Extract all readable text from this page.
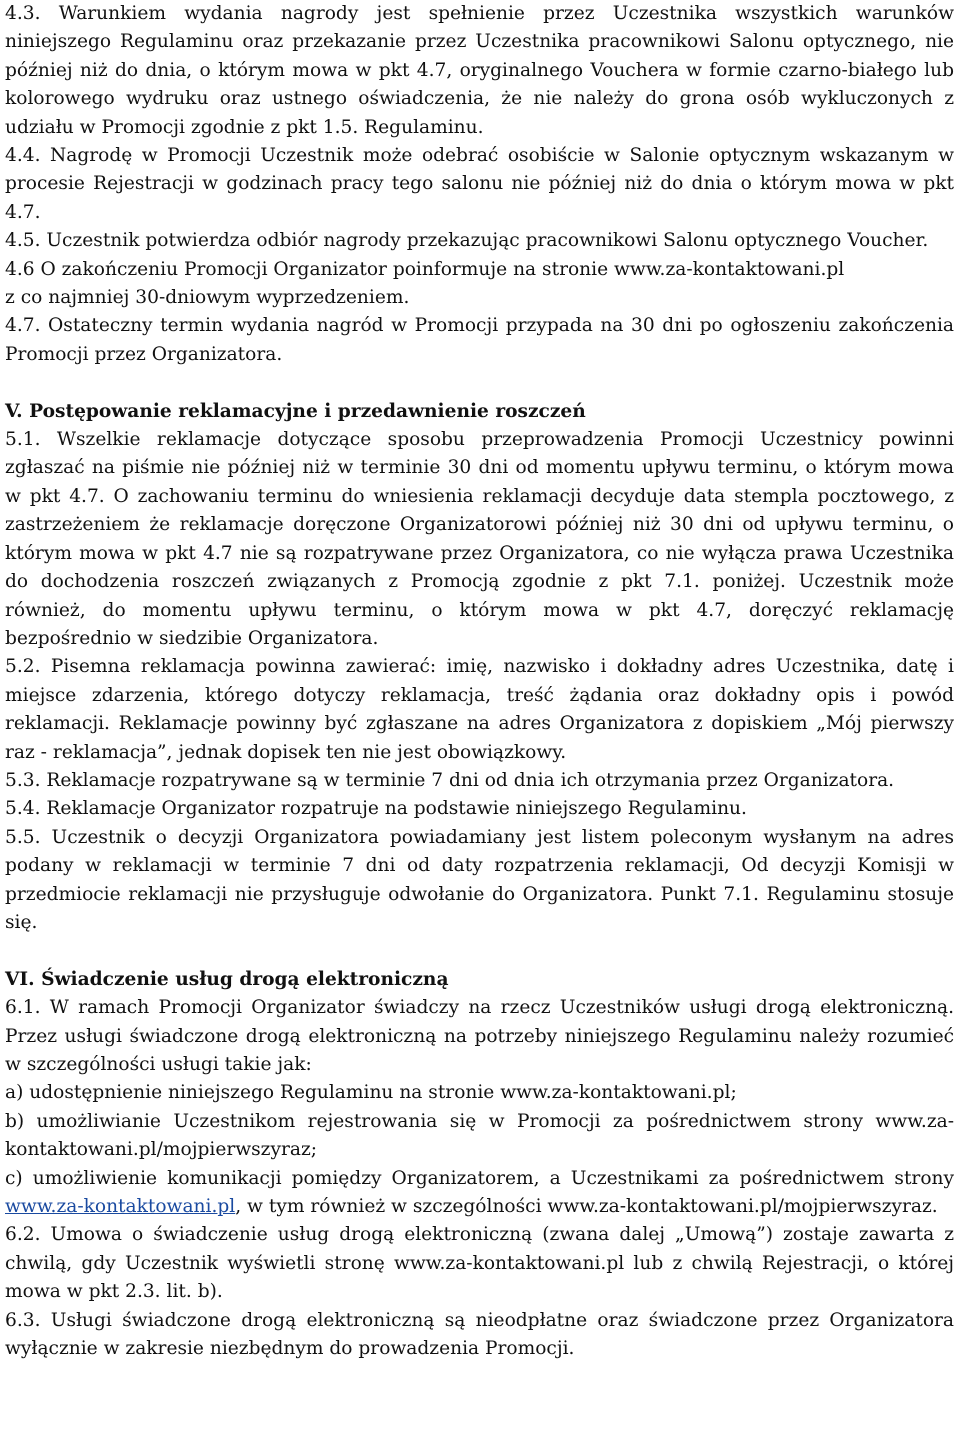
4.3. Warunkiem wydania nagrody jest spełnienie przez Uczestnika wszystkich warunków niniejszego Regulaminu oraz przekazanie przez Uczestnika pracownikowi Salonu optycznego, nie później niż do dnia, o którym mowa w pkt 4.7, oryginalnego Vouchera w formie czarno-białego lub kolorowego wydruku oraz ustnego oświadczenia, że nie należy do grona osób wykluczonych z udziału w Promocji zgodnie z pkt 1.5. Regulaminu.

4.4. Nagrodę w Promocji Uczestnik może odebrać osobiście w Salonie optycznym wskazanym w procesie Rejestracji w godzinach pracy tego salonu nie później niż do dnia o którym mowa w pkt 4.7.

4.5. Uczestnik potwierdza odbiór nagrody przekazując pracownikowi Salonu optycznego Voucher.

4.6 O zakończeniu Promocji Organizator poinformuje na stronie www.za-kontaktowani.pl

z co najmniej 30-dniowym wyprzedzeniem.

4.7. Ostateczny termin wydania nagród w Promocji przypada na 30 dni po ogłoszeniu zakończenia Promocji przez Organizatora.

V. Postępowanie reklamacyjne i przedawnienie roszczeń

5.1. Wszelkie reklamacje dotyczące sposobu przeprowadzenia Promocji Uczestnicy powinni zgłaszać na piśmie nie później niż w terminie 30 dni od momentu upływu terminu, o którym mowa w pkt 4.7. O zachowaniu terminu do wniesienia reklamacji decyduje data stempla pocztowego, z zastrzeżeniem że reklamacje doręczone Organizatorowi później niż 30 dni od upływu terminu, o którym mowa w pkt 4.7 nie są rozpatrywane przez Organizatora, co nie wyłącza prawa Uczestnika do dochodzenia roszczeń związanych z Promocją zgodnie z pkt 7.1. poniżej. Uczestnik może również, do momentu upływu terminu, o którym mowa w pkt 4.7, doręczyć reklamację bezpośrednio w siedzibie Organizatora.

5.2. Pisemna reklamacja powinna zawierać: imię, nazwisko i dokładny adres Uczestnika, datę i miejsce zdarzenia, którego dotyczy reklamacja, treść żądania oraz dokładny opis i powód reklamacji. Reklamacje powinny być zgłaszane na adres Organizatora z dopiskiem „Mój pierwszy raz - reklamacja”, jednak dopisek ten nie jest obowiązkowy.

5.3. Reklamacje rozpatrywane są w terminie 7 dni od dnia ich otrzymania przez Organizatora.

5.4. Reklamacje Organizator rozpatruje na podstawie niniejszego Regulaminu.

5.5. Uczestnik o decyzji Organizatora powiadamiany jest listem poleconym wysłanym na adres podany w reklamacji w terminie 7 dni od daty rozpatrzenia reklamacji, Od decyzji Komisji w przedmiocie reklamacji nie przysługuje odwołanie do Organizatora. Punkt 7.1. Regulaminu stosuje się.

VI. Świadczenie usług drogą elektroniczną

6.1. W ramach Promocji Organizator świadczy na rzecz Uczestników usługi drogą elektroniczną. Przez usługi świadczone drogą elektroniczną na potrzeby niniejszego Regulaminu należy rozumieć w szczególności usługi takie jak:

a) udostępnienie niniejszego Regulaminu na stronie www.za-kontaktowani.pl;

b) umożliwianie Uczestnikom rejestrowania się w Promocji za pośrednictwem strony www.za-kontaktowani.pl/mojpierwszyraz;

c) umożliwienie komunikacji pomiędzy Organizatorem, a Uczestnikami za pośrednictwem strony www.za-kontaktowani.pl, w tym również w szczególności www.za-kontaktowani.pl/mojpierwszyraz.

6.2. Umowa o świadczenie usług drogą elektroniczną (zwana dalej „Umową”) zostaje zawarta z chwilą, gdy Uczestnik wyświetli stronę www.za-kontaktowani.pl lub z chwilą Rejestracji, o której mowa w pkt 2.3. lit. b).

6.3. Usługi świadczone drogą elektroniczną są nieodpłatne oraz świadczone przez Organizatora wyłącznie w zakresie niezbędnym do prowadzenia Promocji.
